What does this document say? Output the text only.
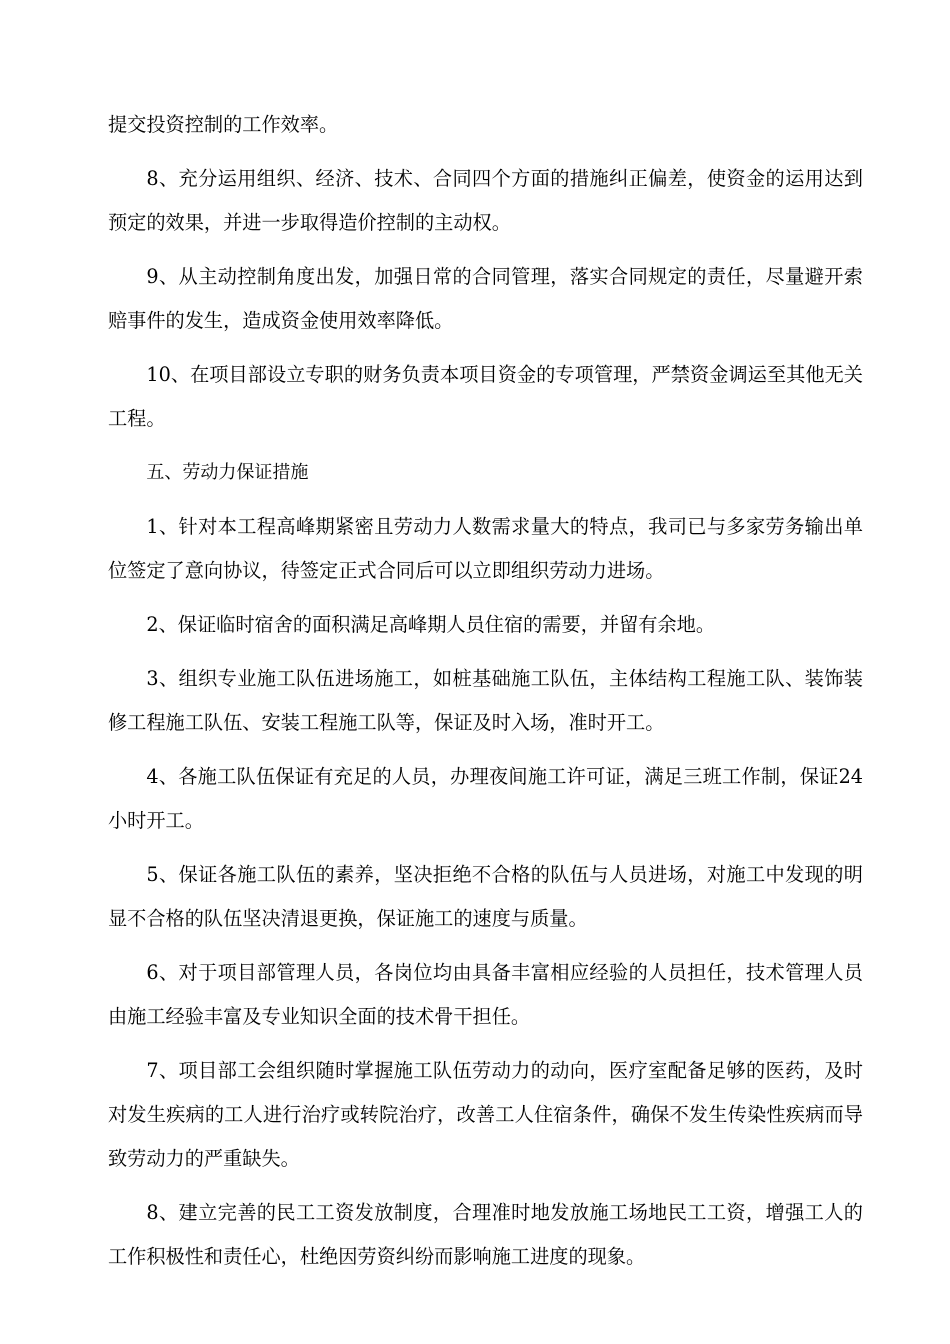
提交投资控制的工作效率。

8、充分运用组织、经济、技术、合同四个方面的措施纠正偏差，使资金的运用达到预定的效果，并进一步取得造价控制的主动权。

9、从主动控制角度出发，加强日常的合同管理，落实合同规定的责任，尽量避开索赔事件的发生，造成资金使用效率降低。

10、在项目部设立专职的财务负责本项目资金的专项管理，严禁资金调运至其他无关工程。

五、劳动力保证措施

1、针对本工程高峰期紧密且劳动力人数需求量大的特点，我司已与多家劳务输出单位签定了意向协议，待签定正式合同后可以立即组织劳动力进场。

2、保证临时宿舍的面积满足高峰期人员住宿的需要，并留有余地。

3、组织专业施工队伍进场施工，如桩基础施工队伍，主体结构工程施工队、装饰装修工程施工队伍、安装工程施工队等，保证及时入场，准时开工。

4、各施工队伍保证有充足的人员，办理夜间施工许可证，满足三班工作制，保证24小时开工。

5、保证各施工队伍的素养，坚决拒绝不合格的队伍与人员进场，对施工中发现的明显不合格的队伍坚决清退更换，保证施工的速度与质量。

6、对于项目部管理人员，各岗位均由具备丰富相应经验的人员担任，技术管理人员由施工经验丰富及专业知识全面的技术骨干担任。

7、项目部工会组织随时掌握施工队伍劳动力的动向，医疗室配备足够的医药，及时对发生疾病的工人进行治疗或转院治疗，改善工人住宿条件，确保不发生传染性疾病而导致劳动力的严重缺失。

8、建立完善的民工工资发放制度，合理准时地发放施工场地民工工资，增强工人的工作积极性和责任心，杜绝因劳资纠纷而影响施工进度的现象。
